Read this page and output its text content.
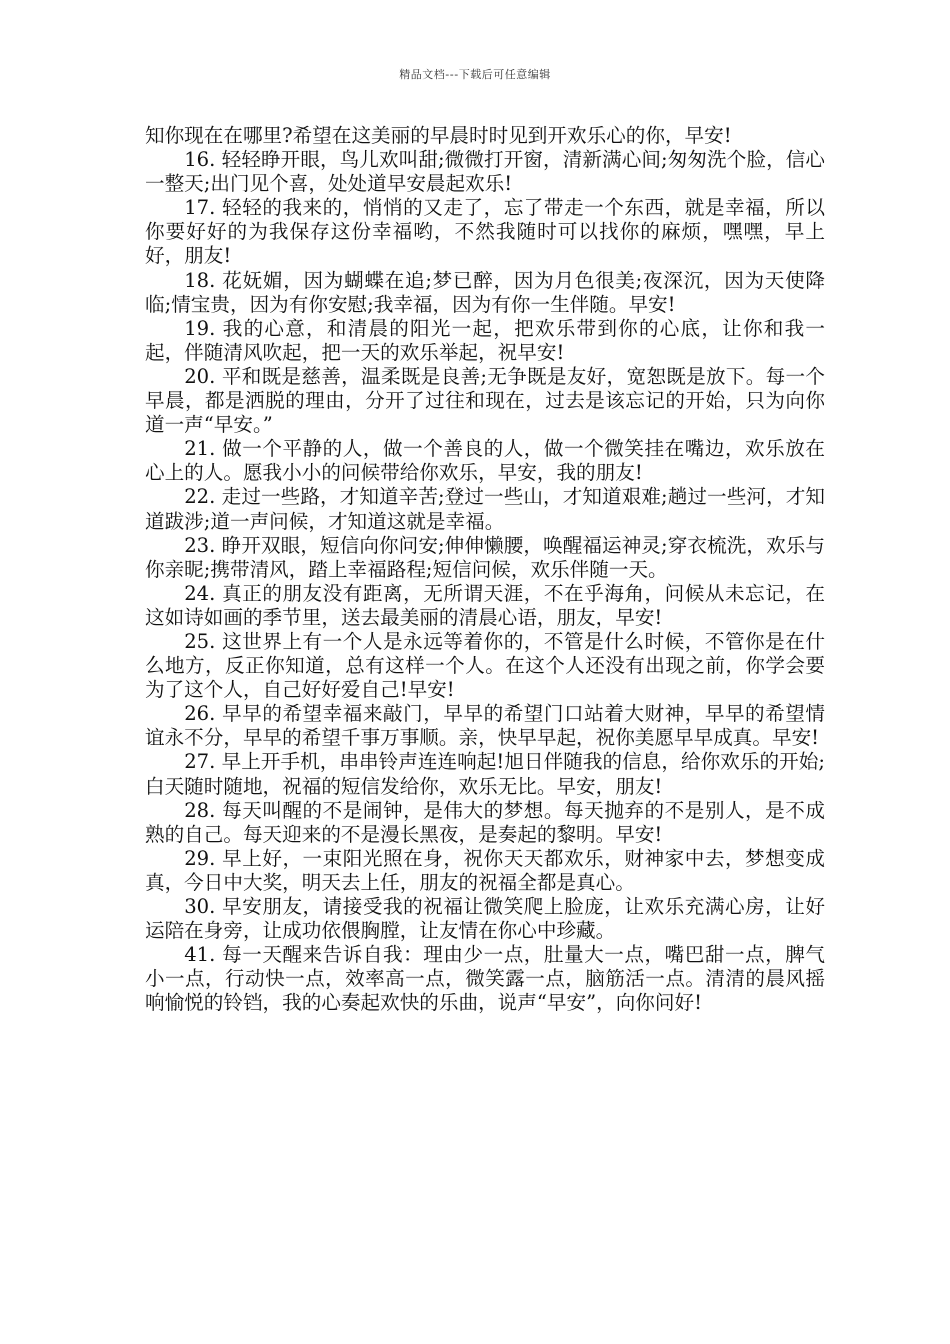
精品文档---下载后可任意编辑

知你现在在哪里?希望在这美丽的早晨时时见到开欢乐心的你，早安!

16. 轻轻睁开眼，鸟儿欢叫甜;微微打开窗，清新满心间;匆匆洗个脸，信心一整天;出门见个喜，处处道早安晨起欢乐!

17. 轻轻的我来的，悄悄的又走了，忘了带走一个东西，就是幸福，所以你要好好的为我保存这份幸福哟，不然我随时可以找你的麻烦，嘿嘿，早上好，朋友!

18. 花妩媚，因为蝴蝶在追;梦已醉，因为月色很美;夜深沉，因为天使降临;情宝贵，因为有你安慰;我幸福，因为有你一生伴随。早安!

19. 我的心意，和清晨的阳光一起，把欢乐带到你的心底，让你和我一起，伴随清风吹起，把一天的欢乐举起，祝早安!

20. 平和既是慈善，温柔既是良善;无争既是友好，宽恕既是放下。每一个早晨，都是洒脱的理由，分开了过往和现在，过去是该忘记的开始，只为向你道一声“早安。”

21. 做一个平静的人，做一个善良的人，做一个微笑挂在嘴边，欢乐放在心上的人。愿我小小的问候带给你欢乐，早安，我的朋友!

22. 走过一些路，才知道辛苦;登过一些山，才知道艰难;趟过一些河，才知道跋涉;道一声问候，才知道这就是幸福。

23. 睁开双眼，短信向你问安;伸伸懒腰，唤醒福运神灵;穿衣梳洗，欢乐与你亲昵;携带清风，踏上幸福路程;短信问候，欢乐伴随一天。

24. 真正的朋友没有距离，无所谓天涯，不在乎海角，问候从未忘记，在这如诗如画的季节里，送去最美丽的清晨心语，朋友，早安!

25. 这世界上有一个人是永远等着你的，不管是什么时候，不管你是在什么地方，反正你知道，总有这样一个人。在这个人还没有出现之前，你学会要为了这个人，自己好好爱自己!早安!

26. 早早的希望幸福来敲门，早早的希望门口站着大财神，早早的希望情谊永不分，早早的希望千事万事顺。亲，快早早起，祝你美愿早早成真。早安!

27. 早上开手机，串串铃声连连响起!旭日伴随我的信息，给你欢乐的开始;白天随时随地，祝福的短信发给你，欢乐无比。早安，朋友!

28. 每天叫醒的不是闹钟，是伟大的梦想。每天抛弃的不是别人，是不成熟的自己。每天迎来的不是漫长黑夜，是奏起的黎明。早安!

29. 早上好，一束阳光照在身，祝你天天都欢乐，财神家中去，梦想变成真，今日中大奖，明天去上任，朋友的祝福全都是真心。

30. 早安朋友，请接受我的祝福让微笑爬上脸庞，让欢乐充满心房，让好运陪在身旁，让成功依偎胸膛，让友情在你心中珍藏。

41. 每一天醒来告诉自我：理由少一点，肚量大一点，嘴巴甜一点，脾气小一点，行动快一点，效率高一点，微笑露一点，脑筋活一点。清清的晨风摇响愉悦的铃铛，我的心奏起欢快的乐曲，说声“早安”，向你问好!
